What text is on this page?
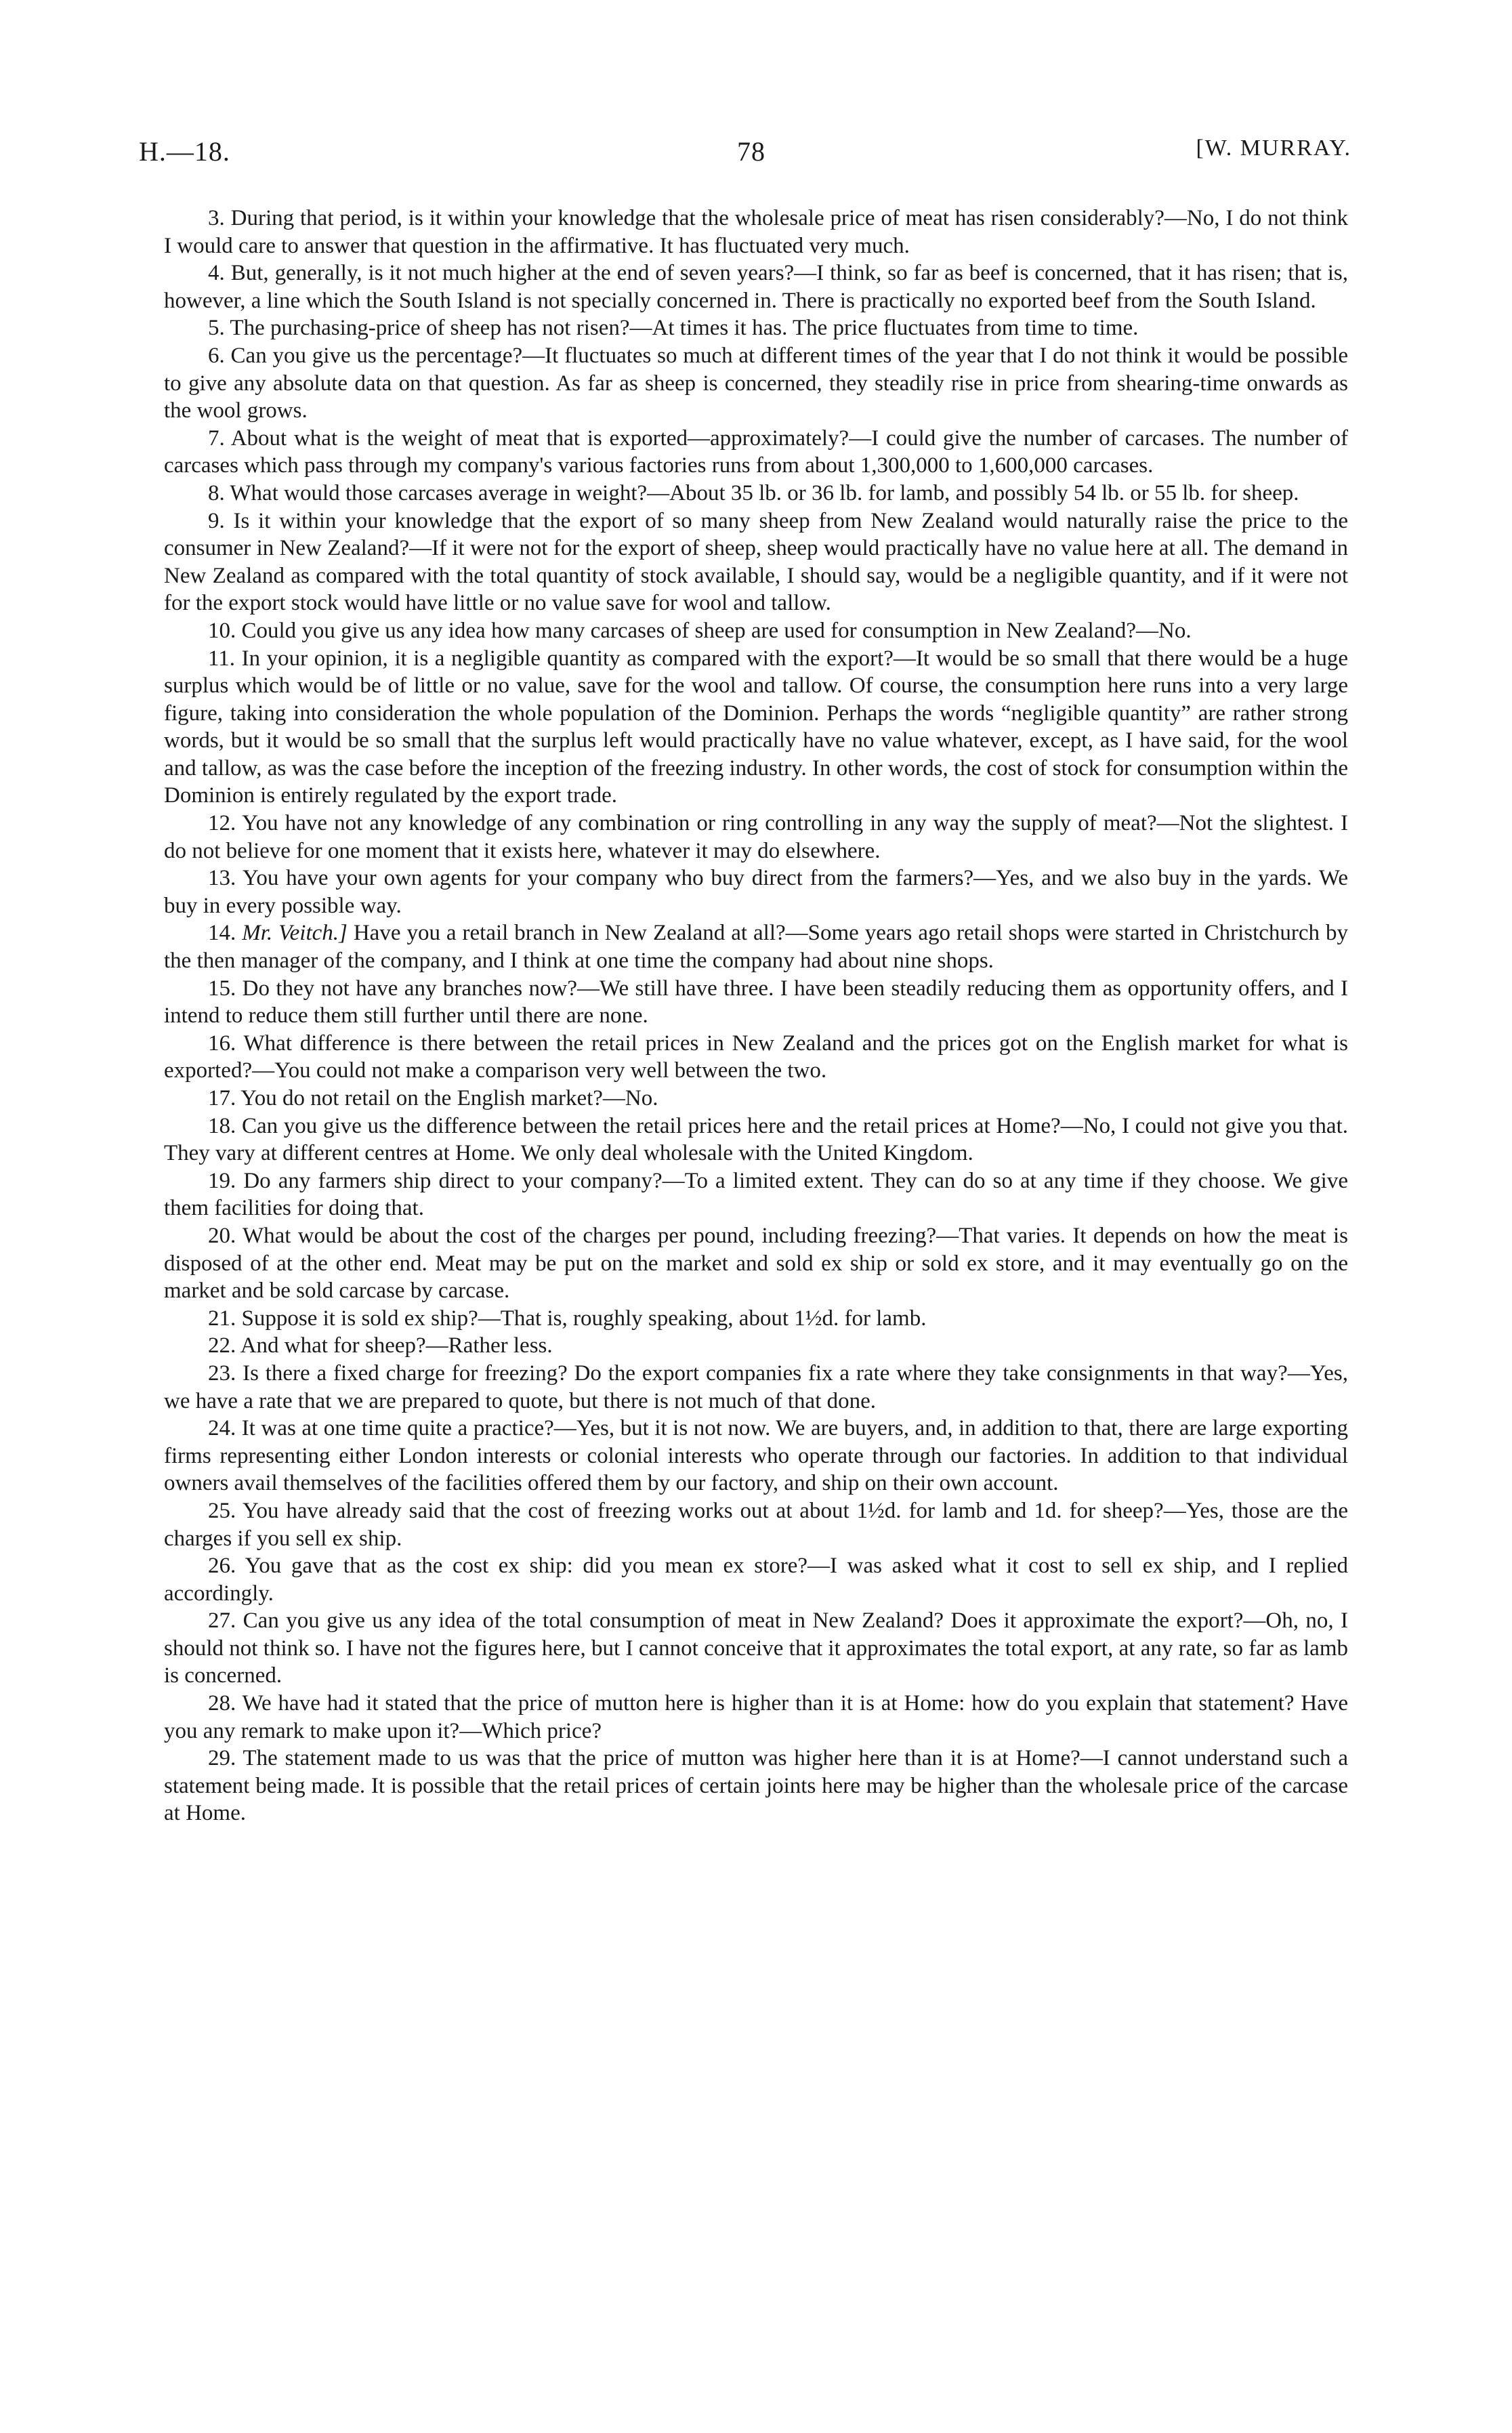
H.—18.	78	[W. MURRAY.

3. During that period, is it within your knowledge that the wholesale price of meat has risen considerably?—No, I do not think I would care to answer that question in the affirmative. It has fluctuated very much.

4. But, generally, is it not much higher at the end of seven years?—I think, so far as beef is concerned, that it has risen; that is, however, a line which the South Island is not specially concerned in. There is practically no exported beef from the South Island.

5. The purchasing-price of sheep has not risen?—At times it has. The price fluctuates from time to time.

6. Can you give us the percentage?—It fluctuates so much at different times of the year that I do not think it would be possible to give any absolute data on that question. As far as sheep is concerned, they steadily rise in price from shearing-time onwards as the wool grows.

7. About what is the weight of meat that is exported—approximately?—I could give the number of carcases. The number of carcases which pass through my company's various factories runs from about 1,300,000 to 1,600,000 carcases.

8. What would those carcases average in weight?—About 35 lb. or 36 lb. for lamb, and possibly 54 lb. or 55 lb. for sheep.

9. Is it within your knowledge that the export of so many sheep from New Zealand would naturally raise the price to the consumer in New Zealand?—If it were not for the export of sheep, sheep would practically have no value here at all. The demand in New Zealand as compared with the total quantity of stock available, I should say, would be a negligible quantity, and if it were not for the export stock would have little or no value save for wool and tallow.

10. Could you give us any idea how many carcases of sheep are used for consumption in New Zealand?—No.

11. In your opinion, it is a negligible quantity as compared with the export?—It would be so small that there would be a huge surplus which would be of little or no value, save for the wool and tallow. Of course, the consumption here runs into a very large figure, taking into consideration the whole population of the Dominion. Perhaps the words “negligible quantity” are rather strong words, but it would be so small that the surplus left would practically have no value whatever, except, as I have said, for the wool and tallow, as was the case before the inception of the freezing industry. In other words, the cost of stock for consumption within the Dominion is entirely regulated by the export trade.

12. You have not any knowledge of any combination or ring controlling in any way the supply of meat?—Not the slightest. I do not believe for one moment that it exists here, whatever it may do elsewhere.

13. You have your own agents for your company who buy direct from the farmers?—Yes, and we also buy in the yards. We buy in every possible way.

14. Mr. Veitch.] Have you a retail branch in New Zealand at all?—Some years ago retail shops were started in Christchurch by the then manager of the company, and I think at one time the company had about nine shops.

15. Do they not have any branches now?—We still have three. I have been steadily reducing them as opportunity offers, and I intend to reduce them still further until there are none.

16. What difference is there between the retail prices in New Zealand and the prices got on the English market for what is exported?—You could not make a comparison very well between the two.

17. You do not retail on the English market?—No.

18. Can you give us the difference between the retail prices here and the retail prices at Home?—No, I could not give you that. They vary at different centres at Home. We only deal wholesale with the United Kingdom.

19. Do any farmers ship direct to your company?—To a limited extent. They can do so at any time if they choose. We give them facilities for doing that.

20. What would be about the cost of the charges per pound, including freezing?—That varies. It depends on how the meat is disposed of at the other end. Meat may be put on the market and sold ex ship or sold ex store, and it may eventually go on the market and be sold carcase by carcase.

21. Suppose it is sold ex ship?—That is, roughly speaking, about 1½d. for lamb.

22. And what for sheep?—Rather less.

23. Is there a fixed charge for freezing? Do the export companies fix a rate where they take consignments in that way?—Yes, we have a rate that we are prepared to quote, but there is not much of that done.

24. It was at one time quite a practice?—Yes, but it is not now. We are buyers, and, in addition to that, there are large exporting firms representing either London interests or colonial interests who operate through our factories. In addition to that individual owners avail themselves of the facilities offered them by our factory, and ship on their own account.

25. You have already said that the cost of freezing works out at about 1½d. for lamb and 1d. for sheep?—Yes, those are the charges if you sell ex ship.

26. You gave that as the cost ex ship: did you mean ex store?—I was asked what it cost to sell ex ship, and I replied accordingly.

27. Can you give us any idea of the total consumption of meat in New Zealand? Does it approximate the export?—Oh, no, I should not think so. I have not the figures here, but I cannot conceive that it approximates the total export, at any rate, so far as lamb is concerned.

28. We have had it stated that the price of mutton here is higher than it is at Home: how do you explain that statement? Have you any remark to make upon it?—Which price?

29. The statement made to us was that the price of mutton was higher here than it is at Home?—I cannot understand such a statement being made. It is possible that the retail prices of certain joints here may be higher than the wholesale price of the carcase at Home.
